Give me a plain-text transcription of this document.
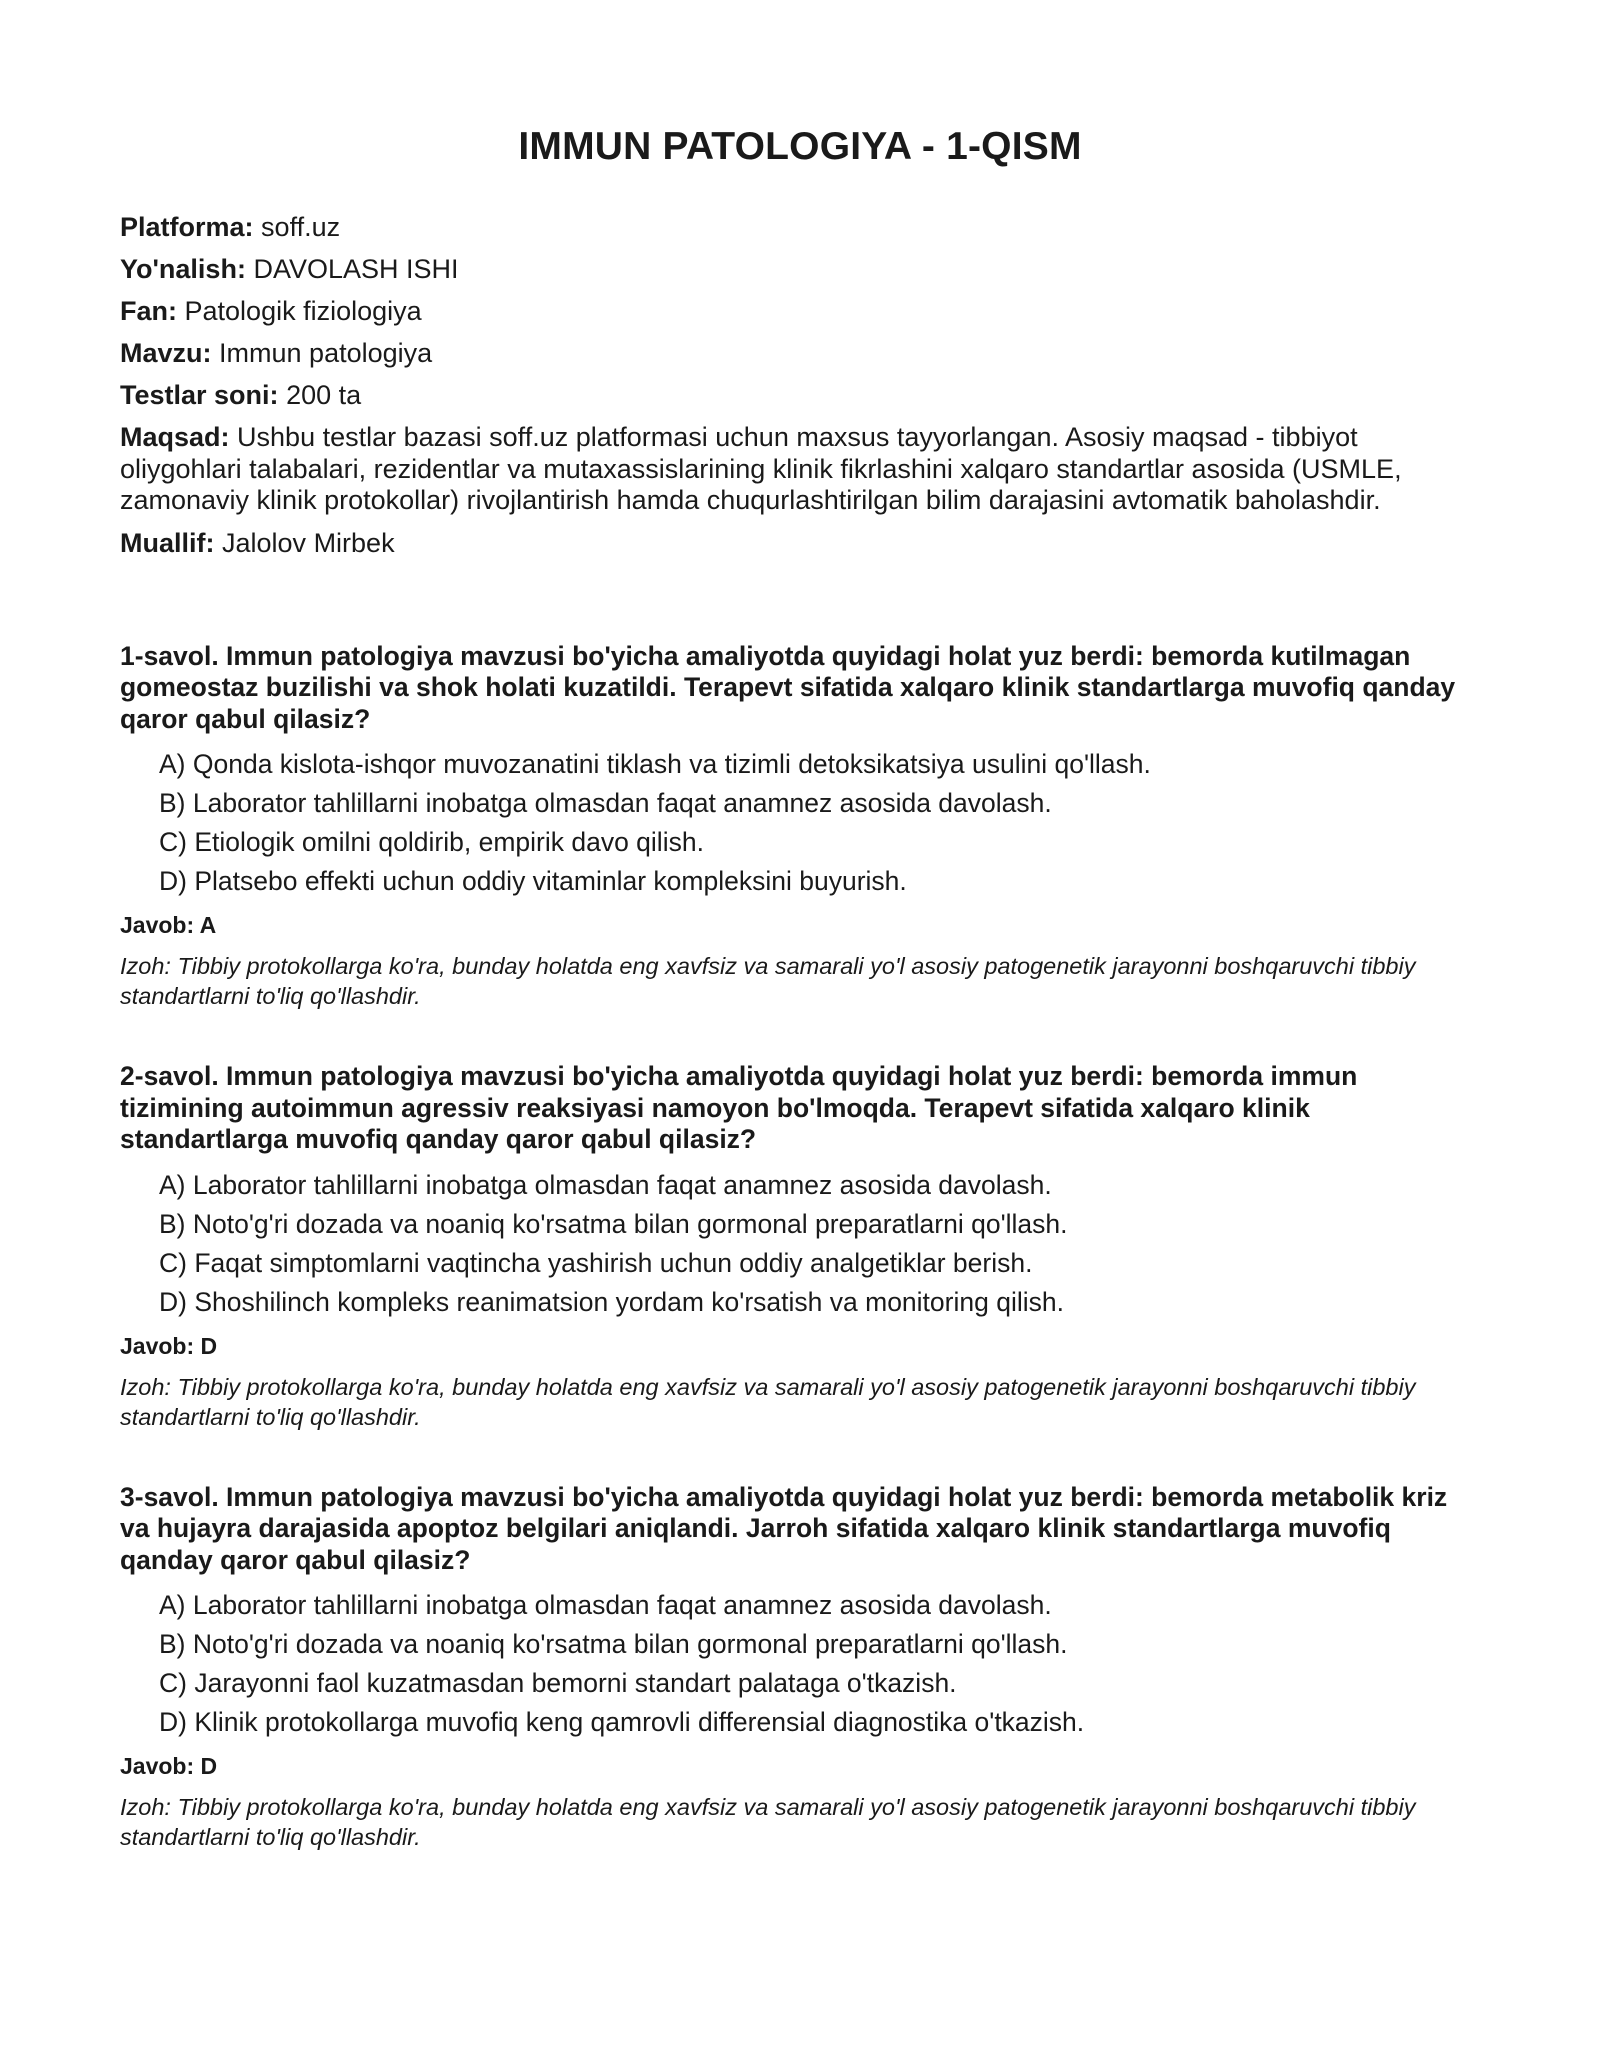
IMMUN PATOLOGIYA - 1-QISM

Platforma: soff.uz

Yo'nalish: DAVOLASH ISHI

Fan: Patologik fiziologiya

Mavzu: Immun patologiya

Testlar soni: 200 ta

Maqsad: Ushbu testlar bazasi soff.uz platformasi uchun maxsus tayyorlangan. Asosiy maqsad - tibbiyot oliygohlari talabalari, rezidentlar va mutaxassislarining klinik fikrlashini xalqaro standartlar asosida (USMLE, zamonaviy klinik protokollar) rivojlantirish hamda chuqurlashtirilgan bilim darajasini avtomatik baholashdir.

Muallif: Jalolov Mirbek

1-savol. Immun patologiya mavzusi bo'yicha amaliyotda quyidagi holat yuz berdi: bemorda kutilmagan gomeostaz buzilishi va shok holati kuzatildi. Terapevt sifatida xalqaro klinik standartlarga muvofiq qanday qaror qabul qilasiz?

A) Qonda kislota-ishqor muvozanatini tiklash va tizimli detoksikatsiya usulini qo'llash.
B) Laborator tahlillarni inobatga olmasdan faqat anamnez asosida davolash.
C) Etiologik omilni qoldirib, empirik davo qilish.
D) Platsebo effekti uchun oddiy vitaminlar kompleksini buyurish.

Javob: A

Izoh: Tibbiy protokollarga ko'ra, bunday holatda eng xavfsiz va samarali yo'l asosiy patogenetik jarayonni boshqaruvchi tibbiy standartlarni to'liq qo'llashdir.

2-savol. Immun patologiya mavzusi bo'yicha amaliyotda quyidagi holat yuz berdi: bemorda immun tizimining autoimmun agressiv reaksiyasi namoyon bo'lmoqda. Terapevt sifatida xalqaro klinik standartlarga muvofiq qanday qaror qabul qilasiz?

A) Laborator tahlillarni inobatga olmasdan faqat anamnez asosida davolash.
B) Noto'g'ri dozada va noaniq ko'rsatma bilan gormonal preparatlarni qo'llash.
C) Faqat simptomlarni vaqtincha yashirish uchun oddiy analgetiklar berish.
D) Shoshilinch kompleks reanimatsion yordam ko'rsatish va monitoring qilish.

Javob: D

Izoh: Tibbiy protokollarga ko'ra, bunday holatda eng xavfsiz va samarali yo'l asosiy patogenetik jarayonni boshqaruvchi tibbiy standartlarni to'liq qo'llashdir.

3-savol. Immun patologiya mavzusi bo'yicha amaliyotda quyidagi holat yuz berdi: bemorda metabolik kriz va hujayra darajasida apoptoz belgilari aniqlandi. Jarroh sifatida xalqaro klinik standartlarga muvofiq qanday qaror qabul qilasiz?

A) Laborator tahlillarni inobatga olmasdan faqat anamnez asosida davolash.
B) Noto'g'ri dozada va noaniq ko'rsatma bilan gormonal preparatlarni qo'llash.
C) Jarayonni faol kuzatmasdan bemorni standart palataga o'tkazish.
D) Klinik protokollarga muvofiq keng qamrovli differensial diagnostika o'tkazish.

Javob: D

Izoh: Tibbiy protokollarga ko'ra, bunday holatda eng xavfsiz va samarali yo'l asosiy patogenetik jarayonni boshqaruvchi tibbiy standartlarni to'liq qo'llashdir.
